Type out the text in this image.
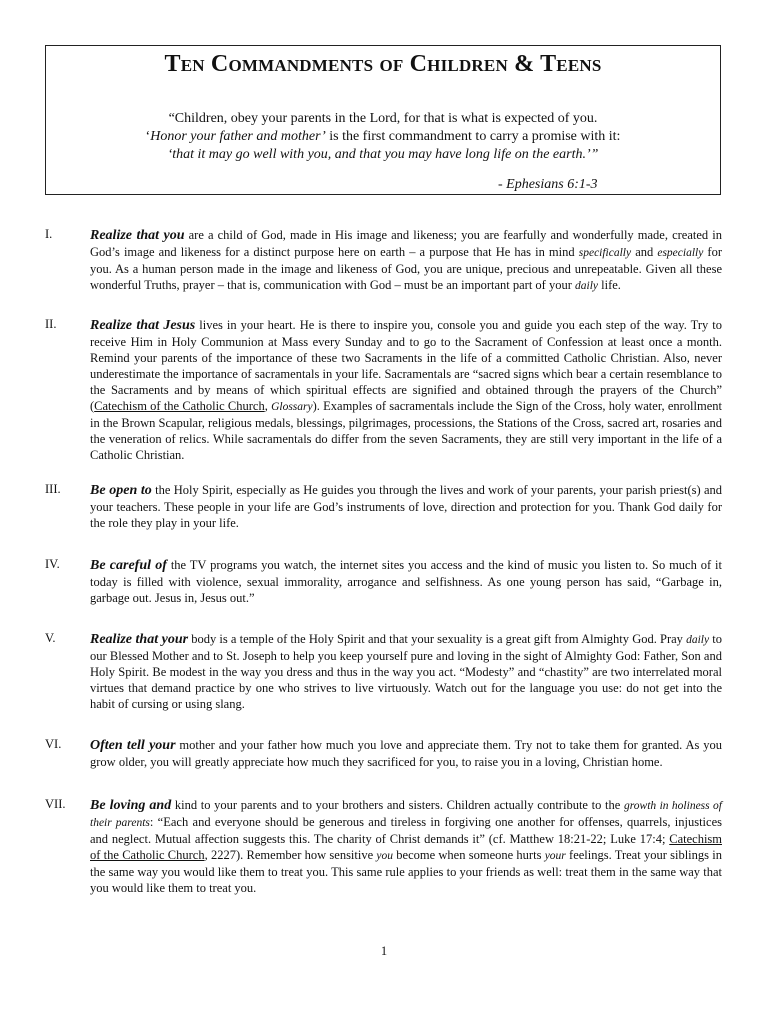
Ten Commandments of Children & Teens
“Children, obey your parents in the Lord, for that is what is expected of you.
‘Honor your father and mother’ is the first commandment to carry a promise with it:
‘that it may go well with you, and that you may have long life on the earth.’”
- Ephesians 6:1-3
I.	Realize that you are a child of God, made in His image and likeness; you are fearfully and wonderfully made, created in God’s image and likeness for a distinct purpose here on earth – a purpose that He has in mind specifically and especially for you. As a human person made in the image and likeness of God, you are unique, precious and unrepeatable. Given all these wonderful Truths, prayer – that is, communication with God – must be an important part of your daily life.
II. Realize that Jesus lives in your heart. He is there to inspire you, console you and guide you each step of the way. Try to receive Him in Holy Communion at Mass every Sunday and to go to the Sacrament of Confession at least once a month. Remind your parents of the importance of these two Sacraments in the life of a committed Catholic Christian. Also, never underestimate the importance of sacramentals in your life. Sacramentals are “sacred signs which bear a certain resemblance to the Sacraments and by means of which spiritual effects are signified and obtained through the prayers of the Church” (Catechism of the Catholic Church, Glossary). Examples of sacramentals include the Sign of the Cross, holy water, enrollment in the Brown Scapular, religious medals, blessings, pilgrimages, processions, the Stations of the Cross, sacred art, rosaries and the veneration of relics. While sacramentals do differ from the seven Sacraments, they are still very important in the life of a Catholic Christian.
III. Be open to the Holy Spirit, especially as He guides you through the lives and work of your parents, your parish priest(s) and your teachers. These people in your life are God’s instruments of love, direction and protection for you. Thank God daily for the role they play in your life.
IV. Be careful of the TV programs you watch, the internet sites you access and the kind of music you listen to. So much of it today is filled with violence, sexual immorality, arrogance and selfishness. As one young person has said, “Garbage in, garbage out. Jesus in, Jesus out.”
V. Realize that your body is a temple of the Holy Spirit and that your sexuality is a great gift from Almighty God. Pray daily to our Blessed Mother and to St. Joseph to help you keep yourself pure and loving in the sight of Almighty God: Father, Son and Holy Spirit. Be modest in the way you dress and thus in the way you act. “Modesty” and “chastity” are two interrelated moral virtues that demand practice by one who strives to live virtuously. Watch out for the language you use: do not get into the habit of cursing or using slang.
VI. Often tell your mother and your father how much you love and appreciate them. Try not to take them for granted. As you grow older, you will greatly appreciate how much they sacrificed for you, to raise you in a loving, Christian home.
VII. Be loving and kind to your parents and to your brothers and sisters. Children actually contribute to the growth in holiness of their parents: “Each and everyone should be generous and tireless in forgiving one another for offenses, quarrels, injustices and neglect. Mutual affection suggests this. The charity of Christ demands it” (cf. Matthew 18:21-22; Luke 17:4; Catechism of the Catholic Church, 2227). Remember how sensitive you become when someone hurts your feelings. Treat your siblings in the same way you would like them to treat you. This same rule applies to your friends as well: treat them in the same way that you would like them to treat you.
1
